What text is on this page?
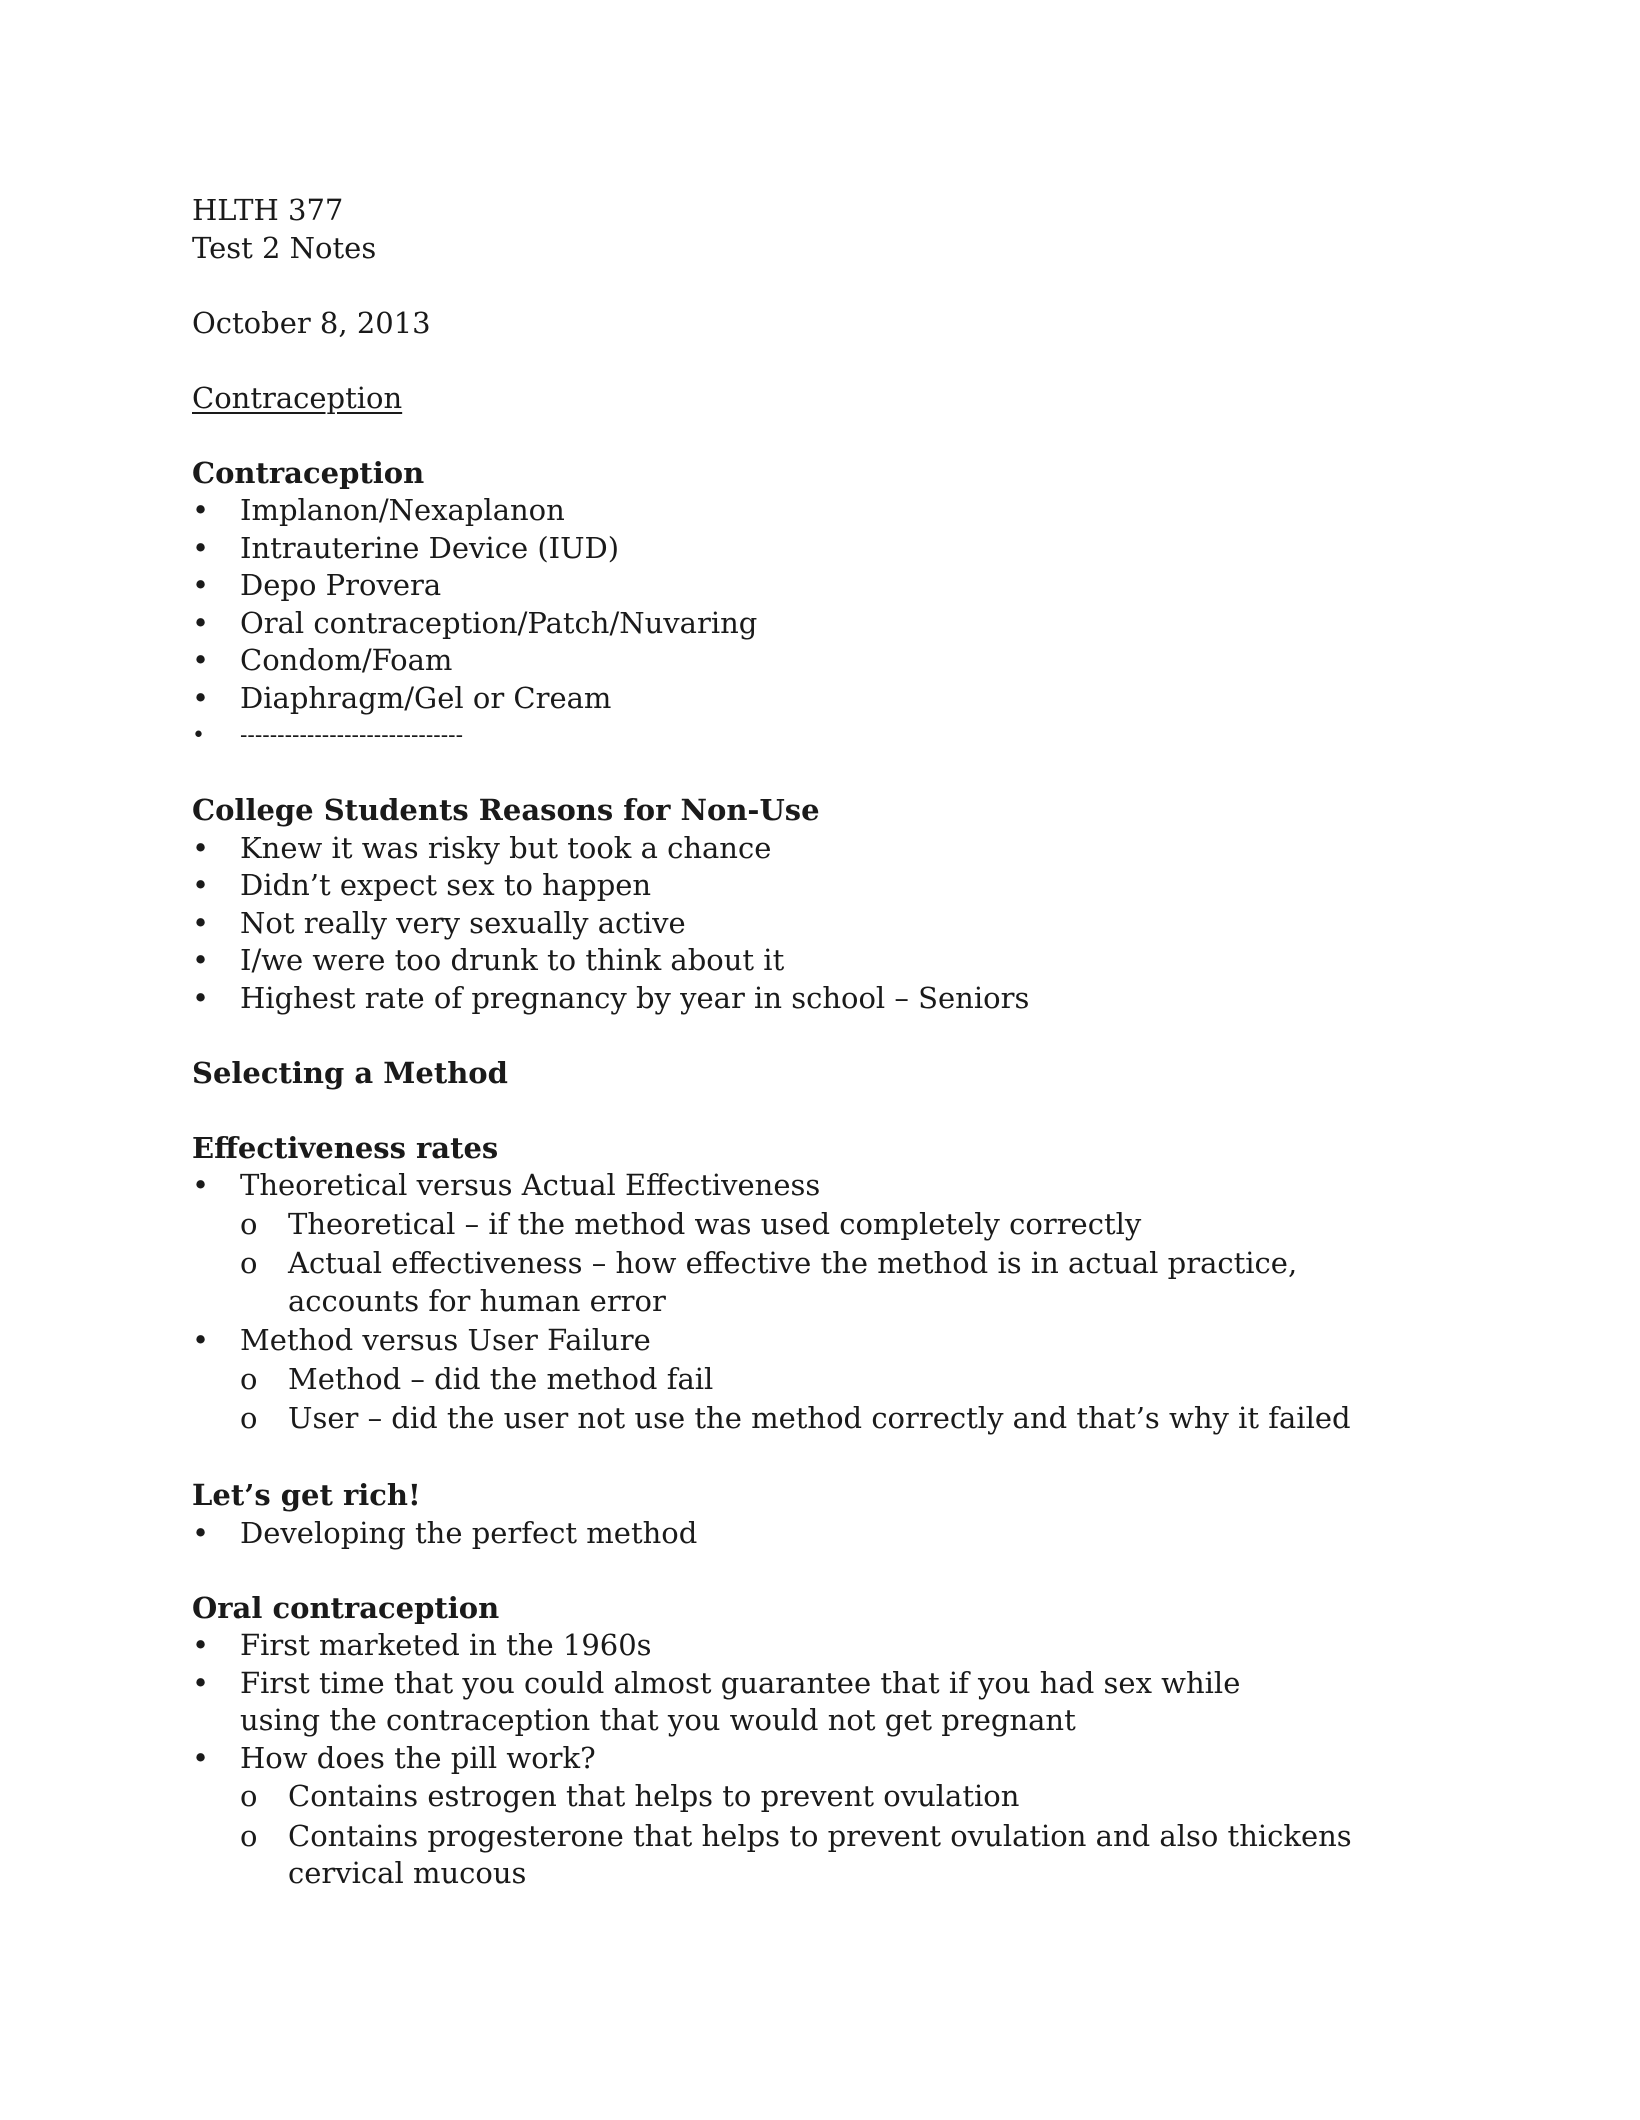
HLTH 377

Test 2 Notes

October 8, 2013

Contraception

Contraception

• Implanon/Nexaplanon
• Intrauterine Device (IUD)
• Depo Provera
• Oral contraception/Patch/Nuvaring
• Condom/Foam
• Diaphragm/Gel or Cream
• ------------------------------

College Students Reasons for Non-Use

• Knew it was risky but took a chance
• Didn’t expect sex to happen
• Not really very sexually active
• I/we were too drunk to think about it
• Highest rate of pregnancy by year in school – Seniors

Selecting a Method

Effectiveness rates

• Theoretical versus Actual Effectiveness
o Theoretical – if the method was used completely correctly
o Actual effectiveness – how effective the method is in actual practice, accounts for human error
• Method versus User Failure
o Method – did the method fail
o User – did the user not use the method correctly and that’s why it failed

Let’s get rich!

• Developing the perfect method

Oral contraception

• First marketed in the 1960s
• First time that you could almost guarantee that if you had sex while using the contraception that you would not get pregnant
• How does the pill work?
o Contains estrogen that helps to prevent ovulation
o Contains progesterone that helps to prevent ovulation and also thickens cervical mucous
